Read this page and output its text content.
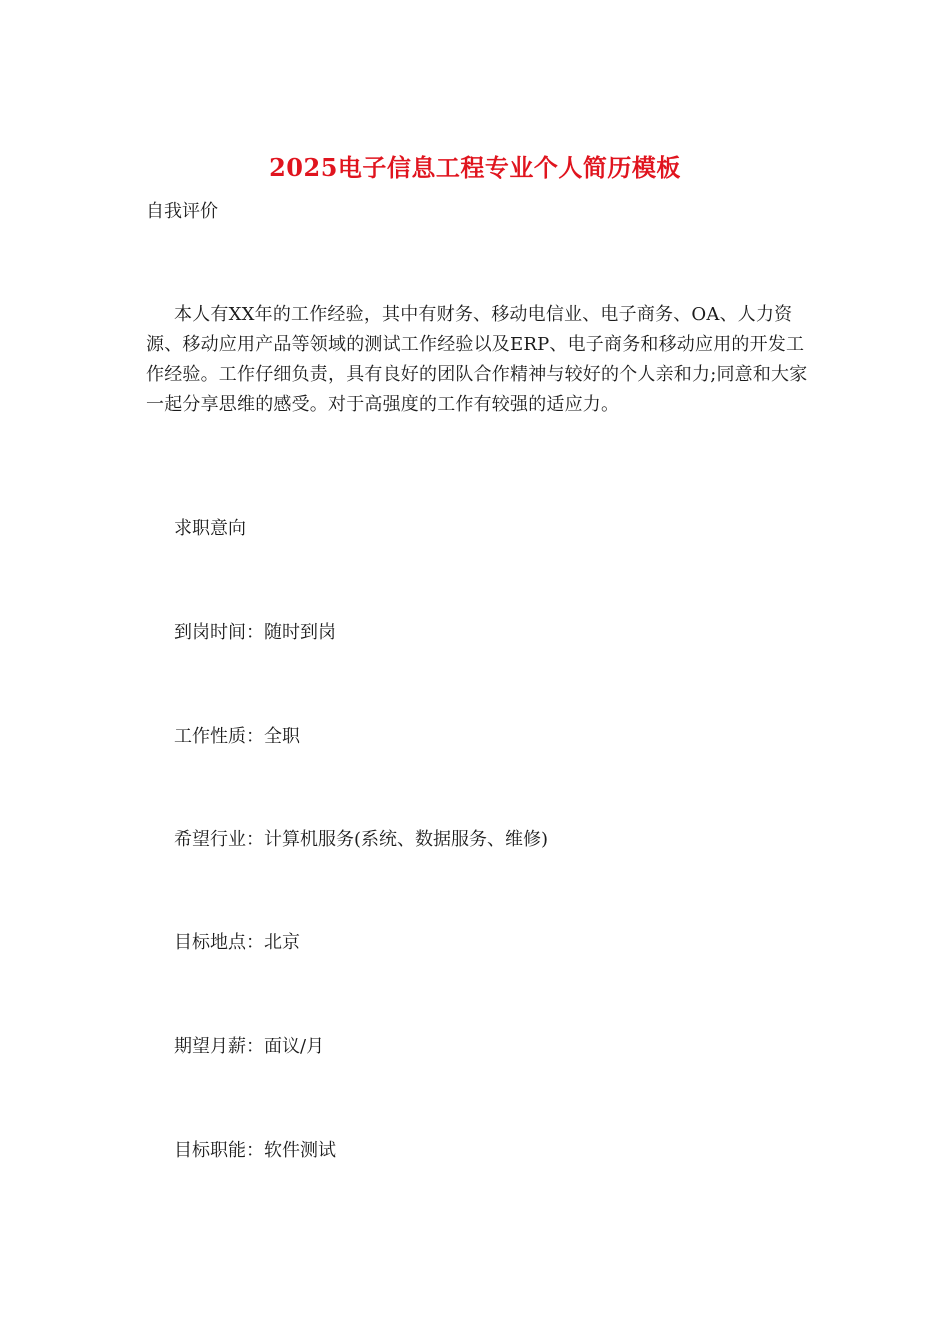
2025电子信息工程专业个人简历模板
自我评价

本人有XX年的工作经验，其中有财务、移动电信业、电子商务、OA、人力资源、移动应用产品等领域的测试工作经验以及ERP、电子商务和移动应用的开发工作经验。工作仔细负责，具有良好的团队合作精神与较好的个人亲和力;同意和大家一起分享思维的感受。对于高强度的工作有较强的适应力。

求职意向

到岗时间：随时到岗

工作性质：全职

希望行业：计算机服务(系统、数据服务、维修)

目标地点：北京

期望月薪：面议/月

目标职能：软件测试
